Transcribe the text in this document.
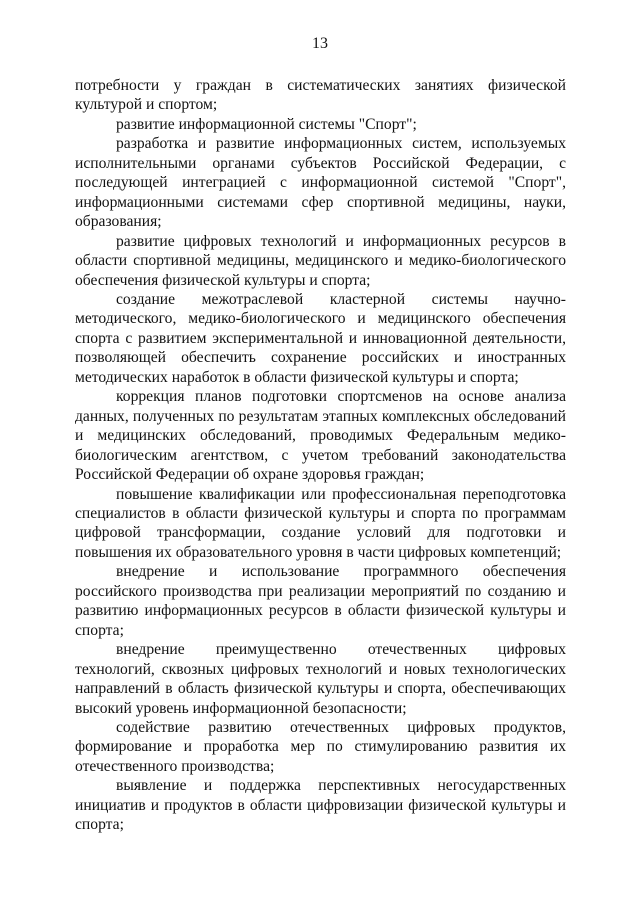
13

потребности у граждан в систематических занятиях физической культурой и спортом;

развитие информационной системы "Спорт";

разработка и развитие информационных систем, используемых исполнительными органами субъектов Российской Федерации, с последующей интеграцией с информационной системой "Спорт", информационными системами сфер спортивной медицины, науки, образования;

развитие цифровых технологий и информационных ресурсов в области спортивной медицины, медицинского и медико-биологического обеспечения физической культуры и спорта;

создание межотраслевой кластерной системы научно-методического, медико-биологического и медицинского обеспечения спорта с развитием экспериментальной и инновационной деятельности, позволяющей обеспечить сохранение российских и иностранных методических наработок в области физической культуры и спорта;

коррекция планов подготовки спортсменов на основе анализа данных, полученных по результатам этапных комплексных обследований и медицинских обследований, проводимых Федеральным медико-биологическим агентством, с учетом требований законодательства Российской Федерации об охране здоровья граждан;

повышение квалификации или профессиональная переподготовка специалистов в области физической культуры и спорта по программам цифровой трансформации, создание условий для подготовки и повышения их образовательного уровня в части цифровых компетенций;

внедрение и использование программного обеспечения российского производства при реализации мероприятий по созданию и развитию информационных ресурсов в области физической культуры и спорта;

внедрение преимущественно отечественных цифровых технологий, сквозных цифровых технологий и новых технологических направлений в область физической культуры и спорта, обеспечивающих высокий уровень информационной безопасности;

содействие развитию отечественных цифровых продуктов, формирование и проработка мер по стимулированию развития их отечественного производства;

выявление и поддержка перспективных негосударственных инициатив и продуктов в области цифровизации физической культуры и спорта;
